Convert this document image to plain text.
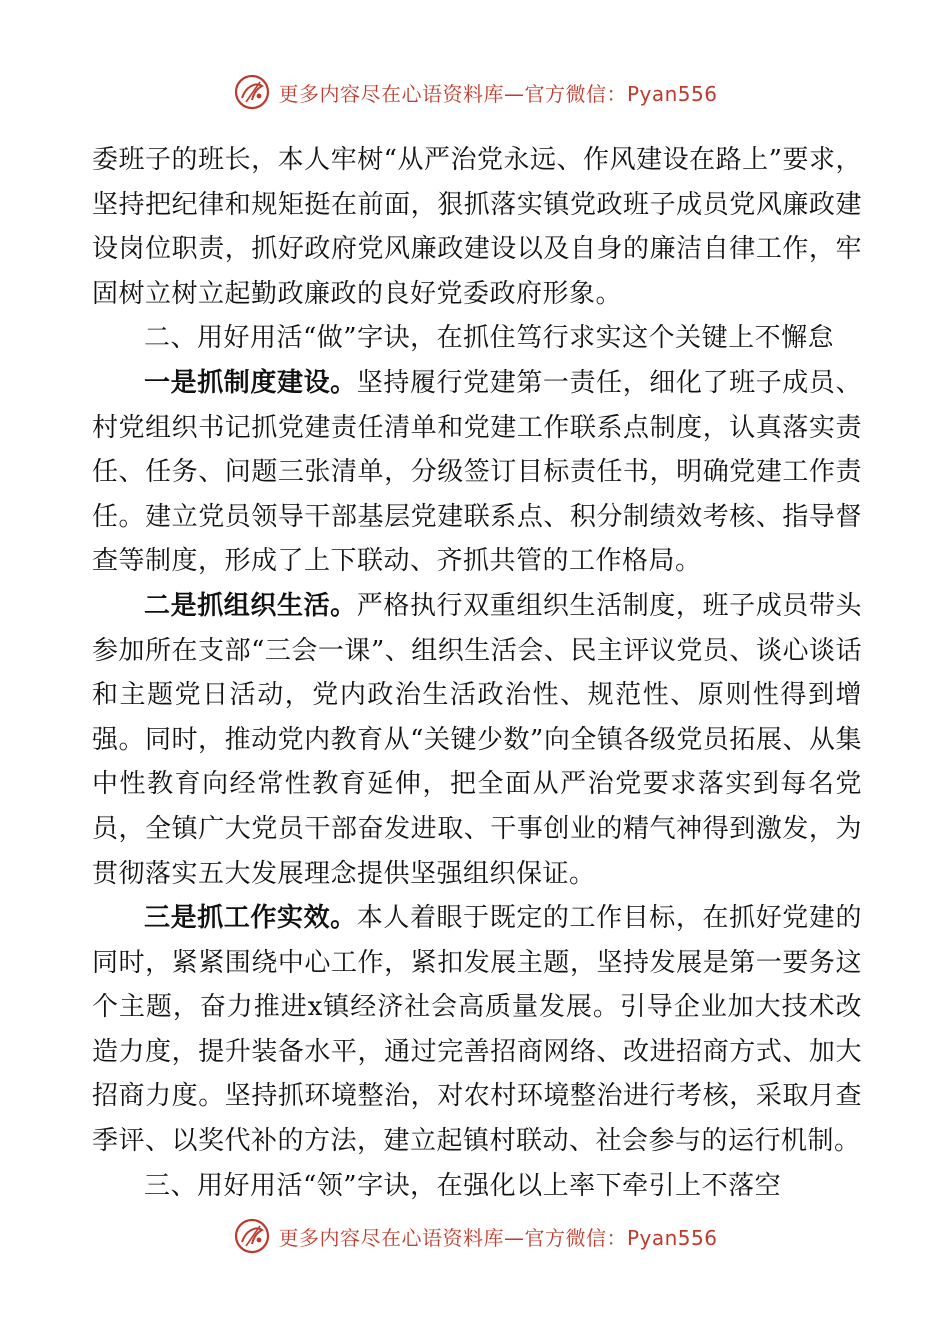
更多内容尽在心语资料库—官方微信：Pyan556

委班子的班长，本人牢树“从严治党永远、作风建设在路上”要求，坚持把纪律和规矩挺在前面，狠抓落实镇党政班子成员党风廉政建设岗位职责，抓好政府党风廉政建设以及自身的廉洁自律工作，牢固树立树立起勤政廉政的良好党委政府形象。

二、用好用活“做”字诀，在抓住笃行求实这个关键上不懈怠

一是抓制度建设。坚持履行党建第一责任，细化了班子成员、村党组织书记抓党建责任清单和党建工作联系点制度，认真落实责任、任务、问题三张清单，分级签订目标责任书，明确党建工作责任。建立党员领导干部基层党建联系点、积分制绩效考核、指导督查等制度，形成了上下联动、齐抓共管的工作格局。

二是抓组织生活。严格执行双重组织生活制度，班子成员带头参加所在支部“三会一课”、组织生活会、民主评议党员、谈心谈话和主题党日活动，党内政治生活政治性、规范性、原则性得到增强。同时，推动党内教育从“关键少数”向全镇各级党员拓展、从集中性教育向经常性教育延伸，把全面从严治党要求落实到每名党员，全镇广大党员干部奋发进取、干事创业的精气神得到激发，为贯彻落实五大发展理念提供坚强组织保证。

三是抓工作实效。本人着眼于既定的工作目标，在抓好党建的同时，紧紧围绕中心工作，紧扣发展主题，坚持发展是第一要务这个主题，奋力推进x镇经济社会高质量发展。引导企业加大技术改造力度，提升装备水平，通过完善招商网络、改进招商方式、加大招商力度。坚持抓环境整治，对农村环境整治进行考核，采取月查季评、以奖代补的方法，建立起镇村联动、社会参与的运行机制。

三、用好用活“领”字诀，在强化以上率下牵引上不落空

更多内容尽在心语资料库—官方微信：Pyan556
